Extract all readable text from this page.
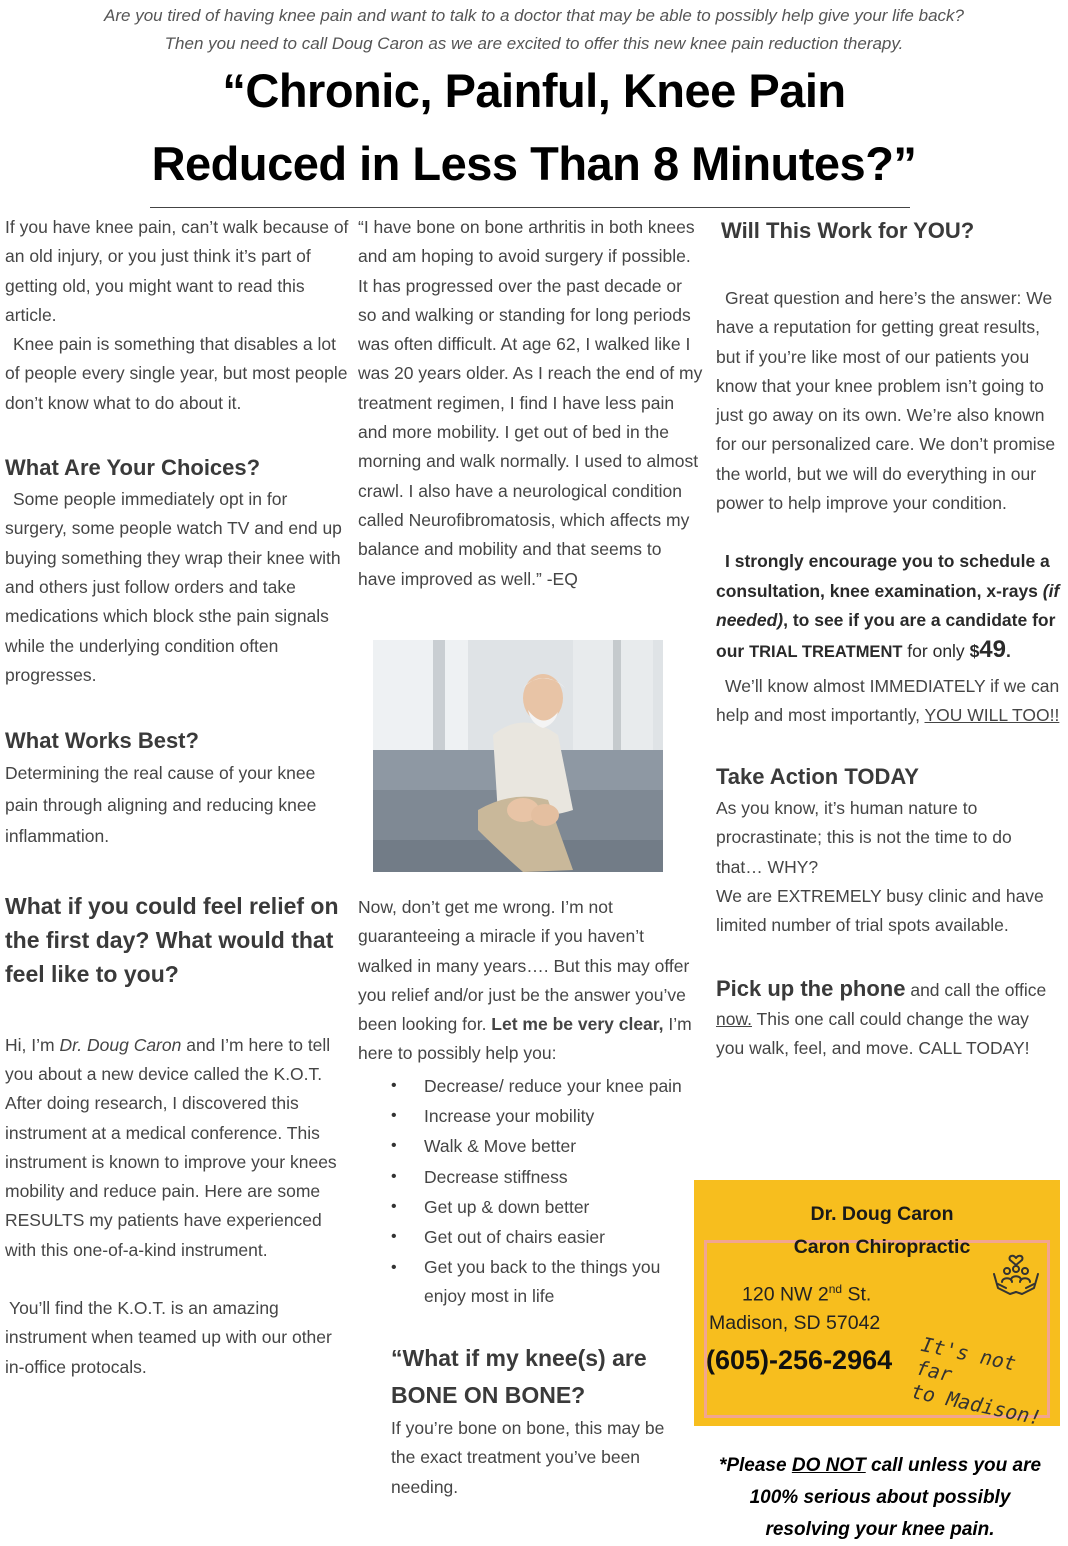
Are you tired of having knee pain and want to talk to a doctor that may be able to possibly help give your life back?
Then you need to call Doug Caron as we are excited to offer this new knee pain reduction therapy.
“Chronic, Painful, Knee Pain
Reduced in Less Than 8 Minutes?”

If you have knee pain, can’t walk because of an old injury, or you just think it’s part of getting old, you might want to read this article.

Knee pain is something that disables a lot of people every single year, but most people don’t know what to do about it.

What Are Your Choices?

Some people immediately opt in for surgery, some people watch TV and end up buying something they wrap their knee with and others just follow orders and take medications which block sthe pain signals while the underlying condition often progresses.

What Works Best?

Determining the real cause of your knee pain through aligning and reducing knee inflammation.

What if you could feel relief on the first day? What would that feel like to you?

Hi, I’m Dr. Doug Caron and I’m here to tell you about a new device called the K.O.T. After doing research, I discovered this instrument at a medical conference. This instrument is known to improve your knees mobility and reduce pain. Here are some RESULTS my patients have experienced with this one-of-a-kind instrument.

You’ll find the K.O.T. is an amazing instrument when teamed up with our other in-office protocals.

“I have bone on bone arthritis in both knees and am hoping to avoid surgery if possible. It has progressed over the past decade or so and walking or standing for long periods was often difficult. At age 62, I walked like I was 20 years older. As I reach the end of my treatment regimen, I find I have less pain and more mobility. I get out of bed in the morning and walk normally. I used to almost crawl. I also have a neurological condition called Neurofibromatosis, which affects my balance and mobility and that seems to have improved as well.” -EQ

Now, don’t get me wrong. I’m not guaranteeing a miracle if you haven’t walked in many years…. But this may offer you relief and/or just be the answer you’ve been looking for. Let me be very clear, I’m here to possibly help you:

• Decrease/ reduce your knee pain
• Increase your mobility
• Walk & Move better
• Decrease stiffness
• Get up & down better
• Get out of chairs easier
• Get you back to the things you enjoy most in life

“What if my knee(s) are BONE ON BONE?

If you’re bone on bone, this may be the exact treatment you’ve been needing.

Will This Work for YOU?

Great question and here’s the answer: We have a reputation for getting great results, but if you’re like most of our patients you know that your knee problem isn’t going to just go away on its own. We’re also known for our personalized care. We don’t promise the world, but we will do everything in our power to help improve your condition.

I strongly encourage you to schedule a consultation, knee examination, x-rays (if needed), to see if you are a candidate for our TRIAL TREATMENT for only $49.

We’ll know almost IMMEDIATELY if we can help and most importantly, YOU WILL TOO!!

Take Action TODAY

As you know, it’s human nature to procrastinate; this is not the time to do that… WHY?

We are EXTREMELY busy clinic and have limited number of trial spots available.

Pick up the phone and call the office now. This one call could change the way you walk, feel, and move. CALL TODAY!

Dr. Doug Caron
Caron Chiropractic
120 NW 2nd St.
Madison, SD 57042
(605)-256-2964 It's not far
to Madison!
*Please DO NOT call unless you are 100% serious about possibly resolving your knee pain.
